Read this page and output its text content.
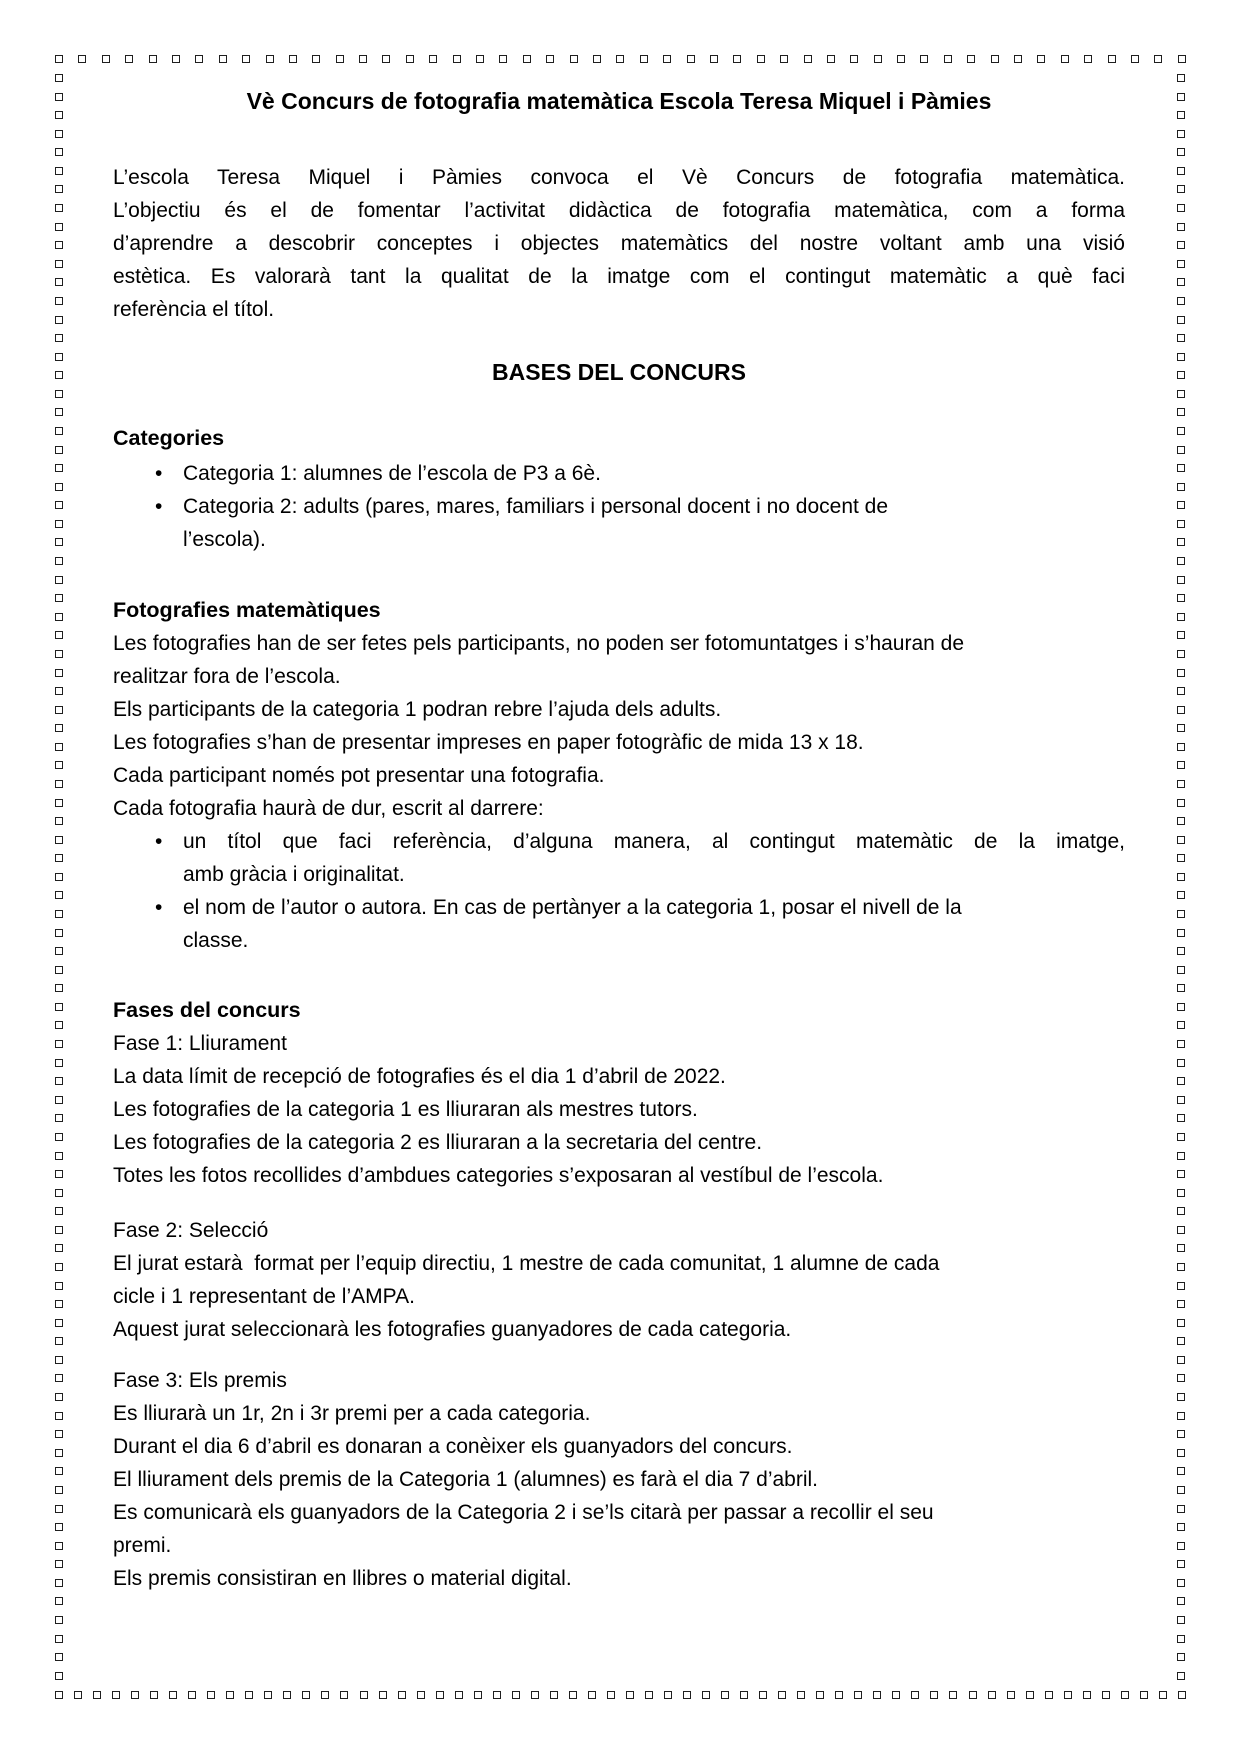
Vè Concurs de fotografia matemàtica Escola Teresa Miquel i Pàmies
L’escola Teresa Miquel i Pàmies convoca el Vè Concurs de fotografia matemàtica.
L’objectiu és el de fomentar l’activitat didàctica de fotografia matemàtica, com a forma
d’aprendre a descobrir conceptes i objectes matemàtics del nostre voltant amb una visió
estètica. Es valorarà tant la qualitat de la imatge com el contingut matemàtic a què faci
referència el títol.
BASES DEL CONCURS
Categories
• Categoria 1: alumnes de l’escola de P3 a 6è.
• Categoria 2: adults (pares, mares, familiars i personal docent i no docent de
l’escola).
Fotografies matemàtiques
Les fotografies han de ser fetes pels participants, no poden ser fotomuntatges i s’hauran de
realitzar fora de l’escola.
Els participants de la categoria 1 podran rebre l’ajuda dels adults.
Les fotografies s’han de presentar impreses en paper fotogràfic de mida 13 x 18.
Cada participant només pot presentar una fotografia.
Cada fotografia haurà de dur, escrit al darrere:
• un títol que faci referència, d’alguna manera, al contingut matemàtic de la imatge,
amb gràcia i originalitat.
• el nom de l’autor o autora. En cas de pertànyer a la categoria 1, posar el nivell de la
classe.
Fases del concurs
Fase 1: Lliurament
La data límit de recepció de fotografies és el dia 1 d’abril de 2022.
Les fotografies de la categoria 1 es lliuraran als mestres tutors.
Les fotografies de la categoria 2 es lliuraran a la secretaria del centre.
Totes les fotos recollides d’ambdues categories s’exposaran al vestíbul de l’escola.
Fase 2: Selecció
El jurat estarà  format per l’equip directiu, 1 mestre de cada comunitat, 1 alumne de cada
cicle i 1 representant de l’AMPA.
Aquest jurat seleccionarà les fotografies guanyadores de cada categoria.
Fase 3: Els premis
Es lliurarà un 1r, 2n i 3r premi per a cada categoria.
Durant el dia 6 d’abril es donaran a conèixer els guanyadors del concurs.
El lliurament dels premis de la Categoria 1 (alumnes) es farà el dia 7 d’abril.
Es comunicarà els guanyadors de la Categoria 2 i se’ls citarà per passar a recollir el seu
premi.
Els premis consistiran en llibres o material digital.
